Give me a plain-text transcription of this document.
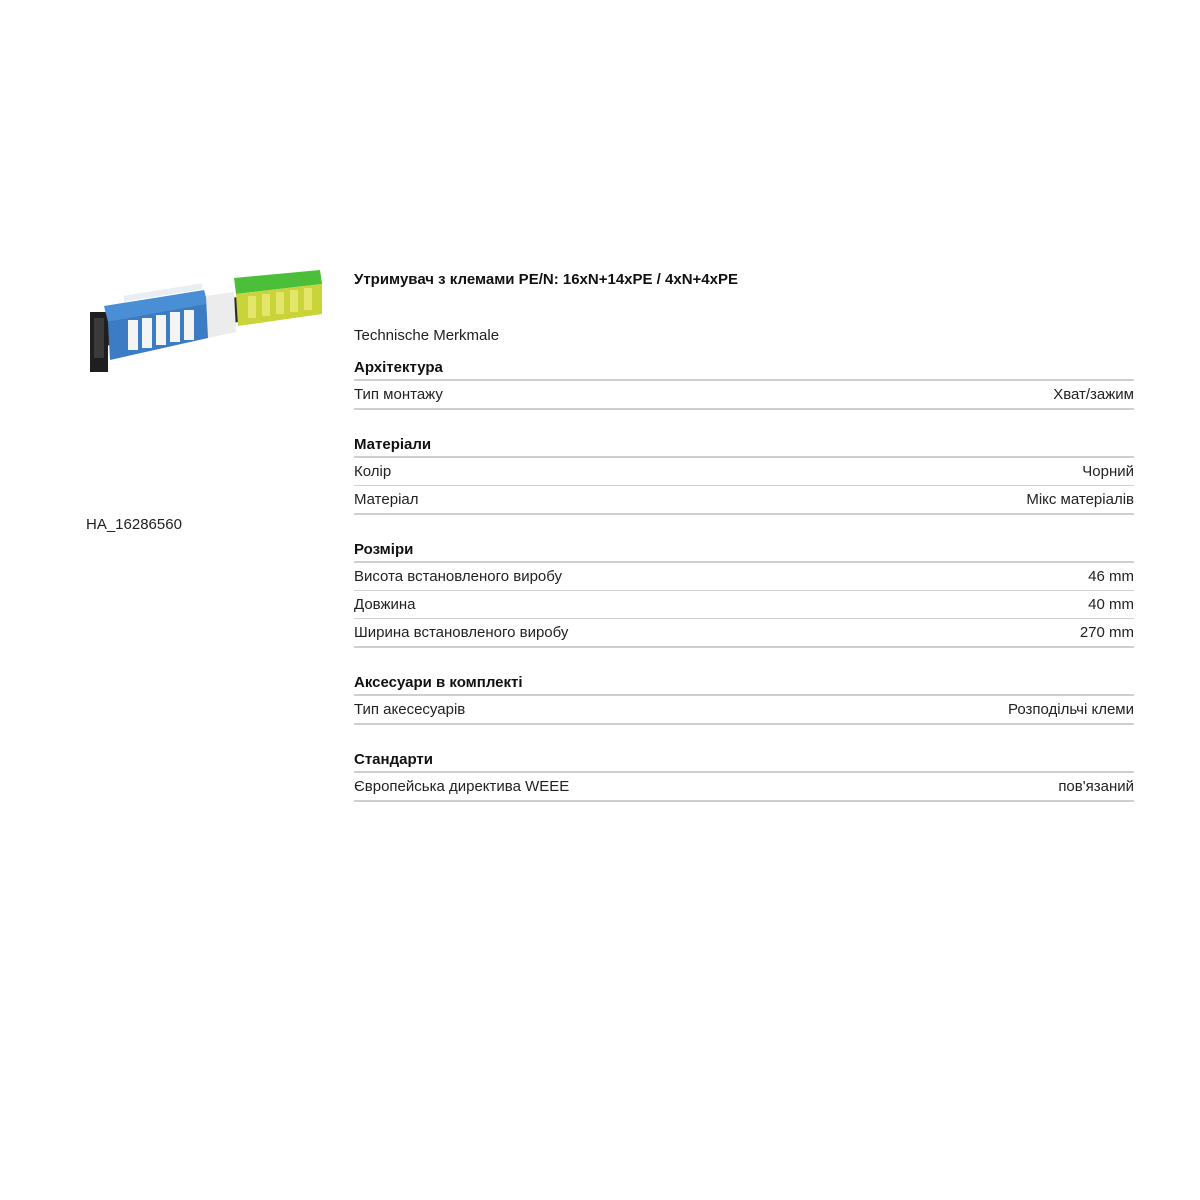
HA_16286560
Утримувач з клемами PE/N: 16xN+14xPE / 4xN+4xPE
Technische Merkmale
Архітектура
Тип монтажу	Хват/зажим
Матеріали
Колір	Чорний
Матеріал	Мікс матеріалів
Розміри
Висота встановленого виробу	46 mm
Довжина	40 mm
Ширина встановленого виробу	270 mm
Аксесуари в комплекті
Тип акесесуарів	Розподільчі клеми
Стандарти
Європейська директива WEEE	пов'язаний
